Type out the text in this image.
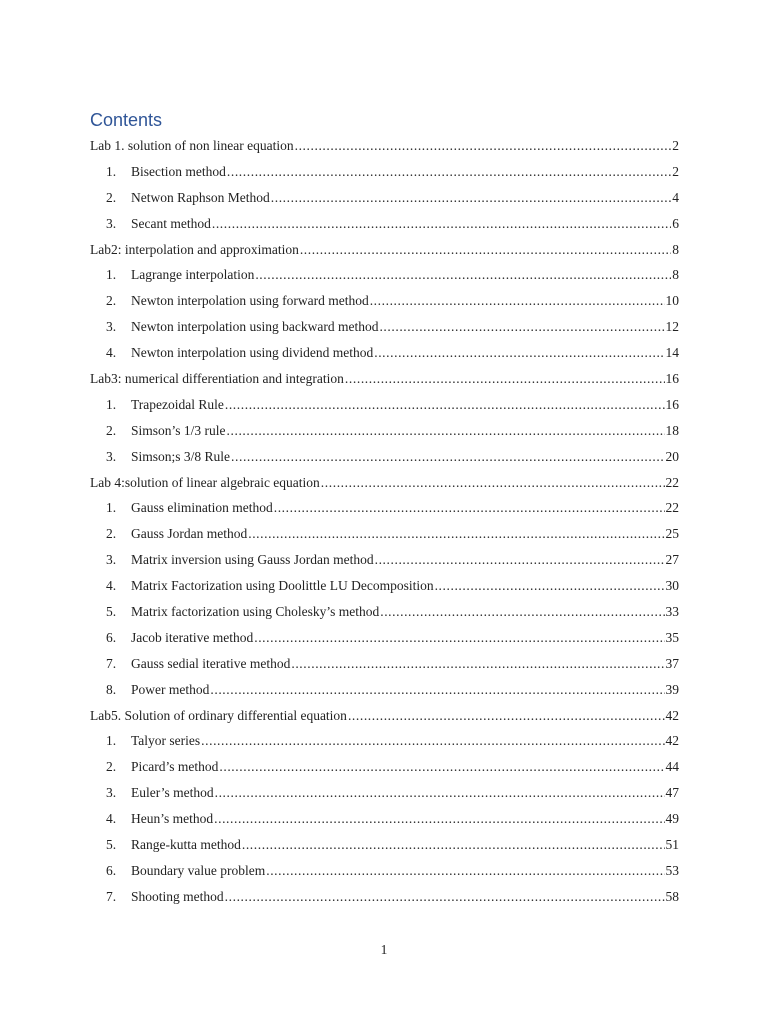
Contents
Lab 1. solution of non linear equation .....	2
1.	Bisection method .....	2
2.	Netwon Raphson Method .....	4
3.	Secant method .....	6
Lab2: interpolation and approximation .....	8
1.	Lagrange interpolation .....	8
2.	Newton interpolation using forward method .....	10
3.	Newton interpolation using backward method .....	12
4.	Newton interpolation using dividend method .....	14
Lab3: numerical differentiation and integration .....	16
1.	Trapezoidal Rule .....	16
2.	Simson’s 1/3 rule .....	18
3.	Simson;s 3/8 Rule .....	20
Lab 4:solution of linear algebraic equation .....	22
1.	Gauss elimination method .....	22
2.	Gauss Jordan method .....	25
3.	Matrix inversion using Gauss Jordan method .....	27
4.	Matrix Factorization using Doolittle LU Decomposition .....	30
5.	Matrix factorization using Cholesky’s method .....	33
6.	Jacob iterative method .....	35
7.	Gauss sedial iterative method .....	37
8.	Power method .....	39
Lab5. Solution of ordinary differential equation .....	42
1.	Talyor series .....	42
2.	Picard’s method .....	44
3.	Euler’s method .....	47
4.	Heun’s method .....	49
5.	Range-kutta method .....	51
6.	Boundary value problem .....	53
7.	Shooting method .....	58
1
